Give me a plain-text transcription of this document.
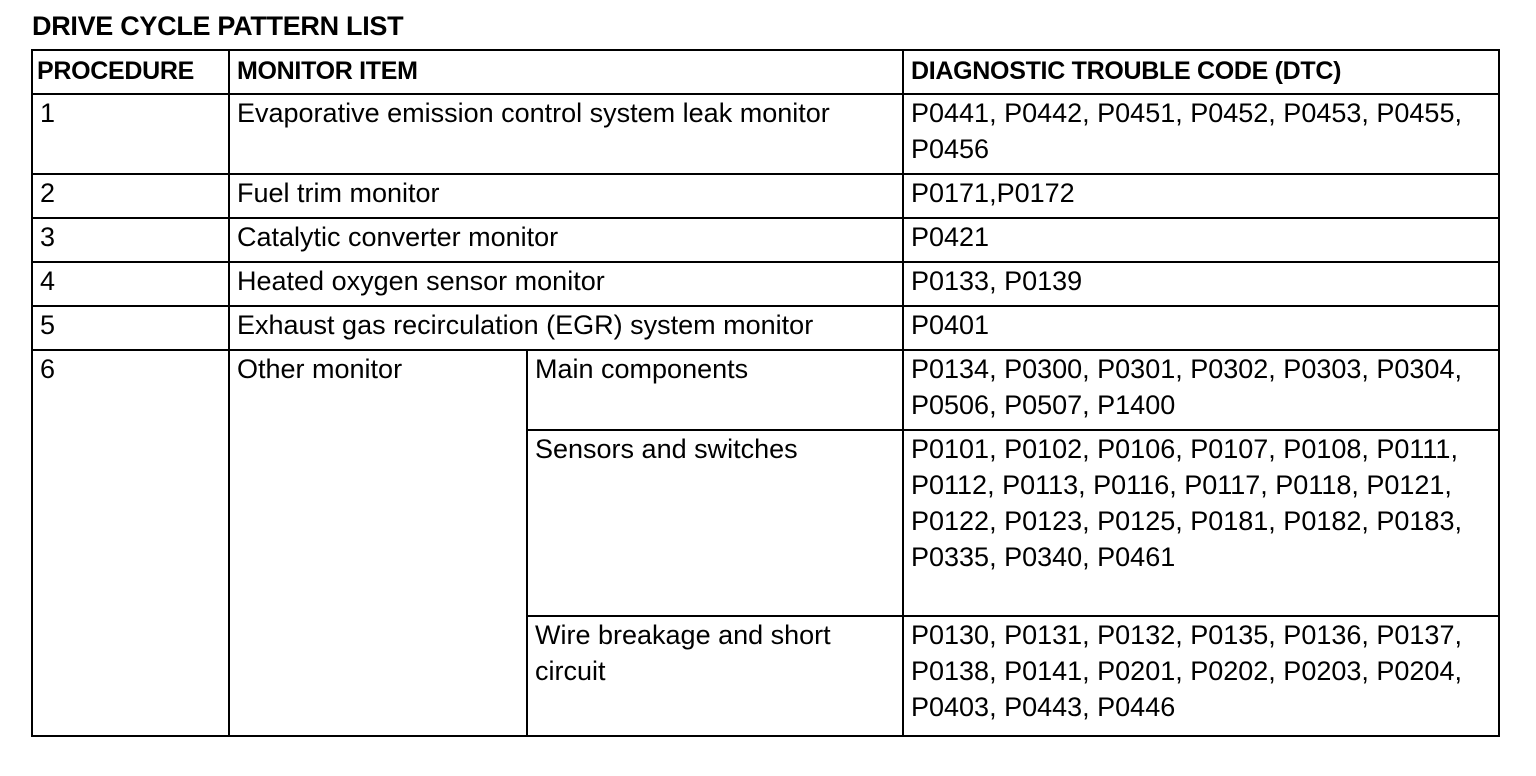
DRIVE CYCLE PATTERN LIST
PROCEDURE	MONITOR ITEM		DIAGNOSTIC TROUBLE CODE (DTC)
1	Evaporative emission control system leak monitor		P0441, P0442, P0451, P0452, P0453, P0455, P0456
2	Fuel trim monitor		P0171,P0172
3	Catalytic converter monitor		P0421
4	Heated oxygen sensor monitor		P0133, P0139
5	Exhaust gas recirculation (EGR) system monitor		P0401
6	Other monitor	Main components	P0134, P0300, P0301, P0302, P0303, P0304, P0506, P0507, P1400
		Sensors and switches	P0101, P0102, P0106, P0107, P0108, P0111, P0112, P0113, P0116, P0117, P0118, P0121, P0122, P0123, P0125, P0181, P0182, P0183, P0335, P0340, P0461
		Wire breakage and short circuit	P0130, P0131, P0132, P0135, P0136, P0137, P0138, P0141, P0201, P0202, P0203, P0204, P0403, P0443, P0446
